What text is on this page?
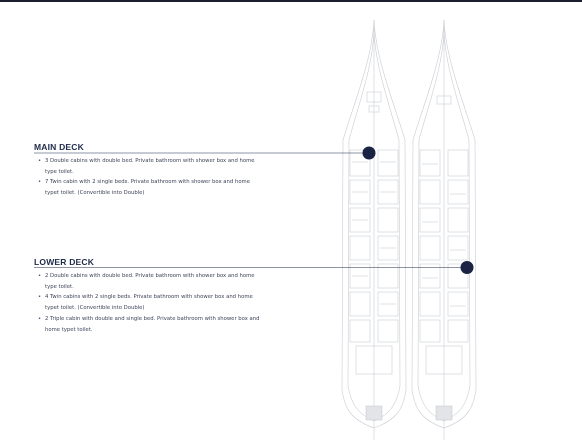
MAIN DECK
• 3 Double cabins with double bed. Private bathroom with shower box and home type toilet.
• 7 Twin cabin with 2 single beds. Private bathroom with shower box and home typet toilet. (Convertible into Double)
LOWER DECK
• 2 Double cabins with double bed. Private bathroom with shower box and home type toilet.
• 4 Twin cabins with 2 single beds. Private bathroom with shower box and home typet toilet. (Convertible into Double)
• 2 Triple cabin with double and single bed. Private bathroom with shower box and home typet toilet.
